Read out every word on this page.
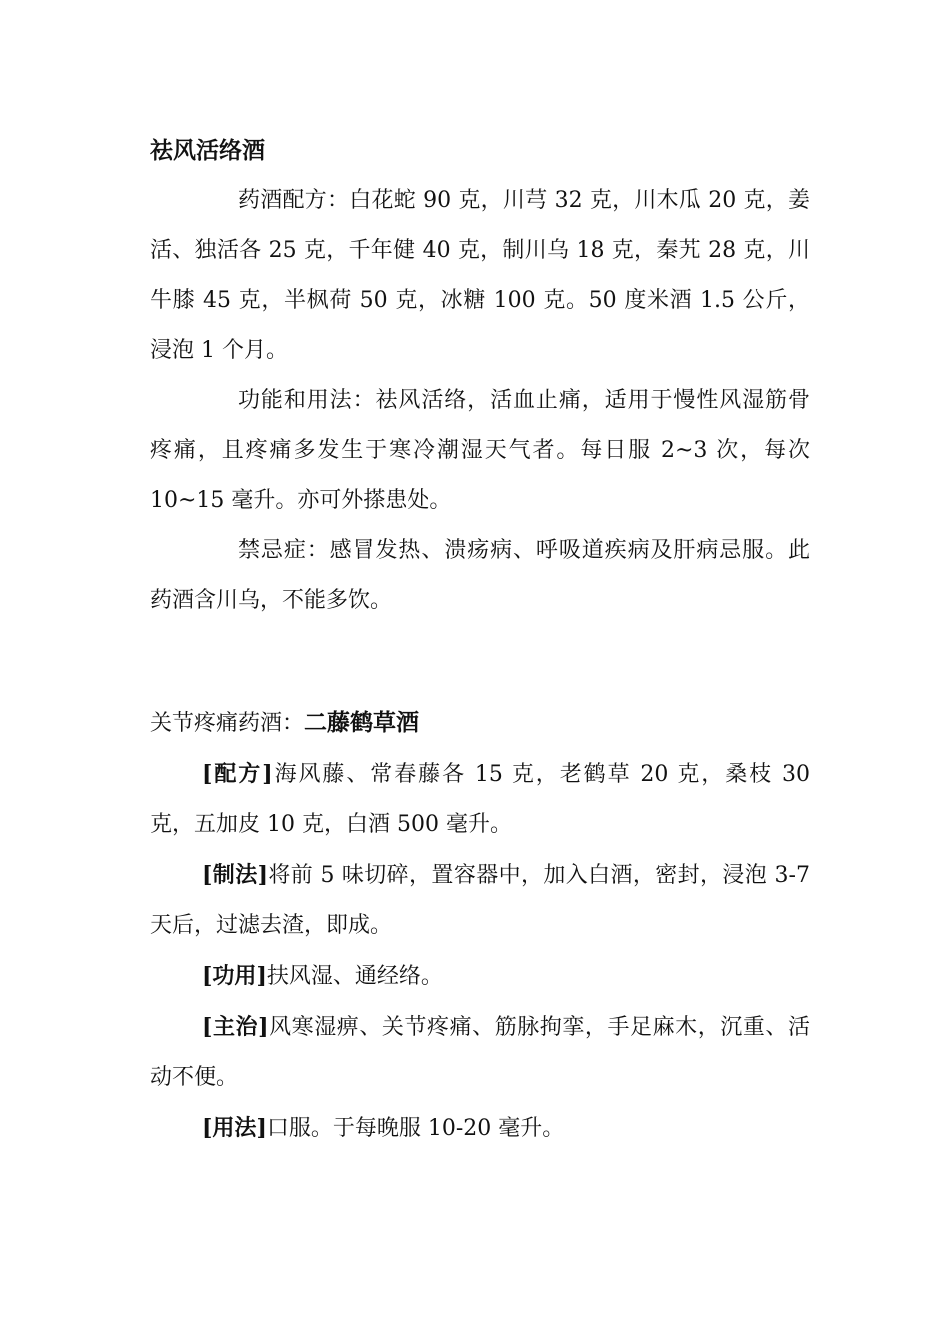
祛风活络酒

药酒配方：白花蛇 90 克，川芎 32 克，川木瓜 20 克，姜活、独活各 25 克，千年健 40 克，制川乌 18 克，秦艽 28 克，川牛膝 45 克，半枫荷 50 克，冰糖 100 克。50 度米酒 1.5 公斤，浸泡 1 个月。

功能和用法：祛风活络，活血止痛，适用于慢性风湿筋骨疼痛，且疼痛多发生于寒冷潮湿天气者。每日服 2~3 次，每次 10~15 毫升。亦可外搽患处。

禁忌症：感冒发热、溃疡病、呼吸道疾病及肝病忌服。此药酒含川乌，不能多饮。

关节疼痛药酒：二藤鹤草酒

[配方]海风藤、常春藤各 15 克，老鹤草 20 克，桑枝 30 克，五加皮 10 克，白酒 500 毫升。

[制法]将前 5 味切碎，置容器中，加入白酒，密封，浸泡 3-7 天后，过滤去渣，即成。

[功用]扶风湿、通经络。

[主治]风寒湿痹、关节疼痛、筋脉拘挛，手足麻木，沉重、活动不便。

[用法]口服。于每晚服 10-20 毫升。
